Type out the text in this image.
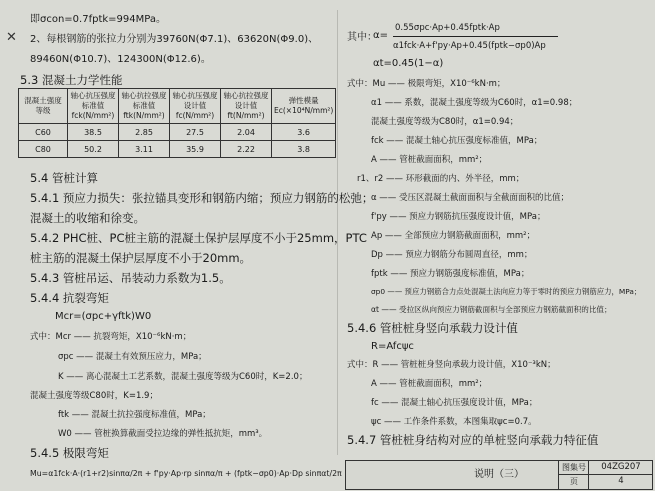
✕
即σcon=0.7fptk=994MPa。
2、每根钢筋的张拉力分别为39760N(Φ7.1)、63620N(Φ9.0)、
89460N(Φ10.7)、124300N(Φ12.6)。
5.3 混凝土力学性能
混凝土强度等级	轴心抗压强度标准值 fck(N/mm²)	轴心抗拉强度标准值 ftk(N/mm²)	轴心抗压强度设计值 fc(N/mm²)	轴心抗拉强度设计值 ft(N/mm²)	弹性模量 Ec(×10⁴N/mm²)
C60	38.5	2.85	27.5	2.04	3.6
C80	50.2	3.11	35.9	2.22	3.8
5.4 管桩计算
5.4.1 预应力损失：张拉锚具变形和钢筋内缩；预应力钢筋的松弛；
混凝土的收缩和徐变。
5.4.2 PHC桩、PC桩主筋的混凝土保护层厚度不小于25mm，PTC
桩主筋的混凝土保护层厚度不小于20mm。
5.4.3 管桩吊运、吊装动力系数为1.5。
5.4.4 抗裂弯矩
Mcr=(σpc+γftk)W0
式中：Mcr —— 抗裂弯矩，X10⁻⁶kN·m；
σpc —— 混凝土有效预压应力，MPa；
K —— 离心混凝土工艺系数，混凝土强度等级为C60时，K=2.0；
混凝土强度等级C80时，K=1.9；
ftk —— 混凝土抗拉强度标准值，MPa；
W0 —— 管桩换算截面受拉边缘的弹性抵抗矩，mm³。
5.4.5 极限弯矩
Mu=α1fck·A·(r1+r2)sinπα/2π + f'py·Ap·rp sinπα/π + (fptk−σp0)·Ap·Dp sinπαt/2π
其中：
α=
0.55σpc·Ap+0.45fptk·Ap
α1fck·A+f'py·Ap+0.45(fptk−σp0)Ap
αt=0.45(1−α)
式中：Mu —— 极限弯矩，X10⁻⁶kN·m；
α1 —— 系数，混凝土强度等级为C60时，α1=0.98；
混凝土强度等级为C80时，α1=0.94；
fck —— 混凝土轴心抗压强度标准值，MPa；
A —— 管桩截面面积，mm²；
r1、r2 —— 环形截面的内、外半径，mm；
α —— 受压区混凝土截面面积与全截面面积的比值；
f'py —— 预应力钢筋抗压强度设计值，MPa；
Ap —— 全部预应力钢筋截面面积，mm²；
Dp —— 预应力钢筋分布圆周直径，mm；
fptk —— 预应力钢筋强度标准值，MPa；
σp0 —— 预应力钢筋合力点处混凝土法向应力等于零时的预应力钢筋应力，MPa；
αt —— 受拉区纵向预应力钢筋截面积与全部预应力钢筋截面积的比值；
5.4.6 管桩桩身竖向承载力设计值
R=Afcψc
式中：R —— 管桩桩身竖向承载力设计值，X10⁻³kN；
A —— 管桩截面面积，mm²；
fc —— 混凝土轴心抗压强度设计值，MPa；
ψc —— 工作条件系数，本图集取ψc=0.7。
5.4.7 管桩桩身结构对应的单桩竖向承载力特征值
说明（三）
图集号
页
04ZG207
4
